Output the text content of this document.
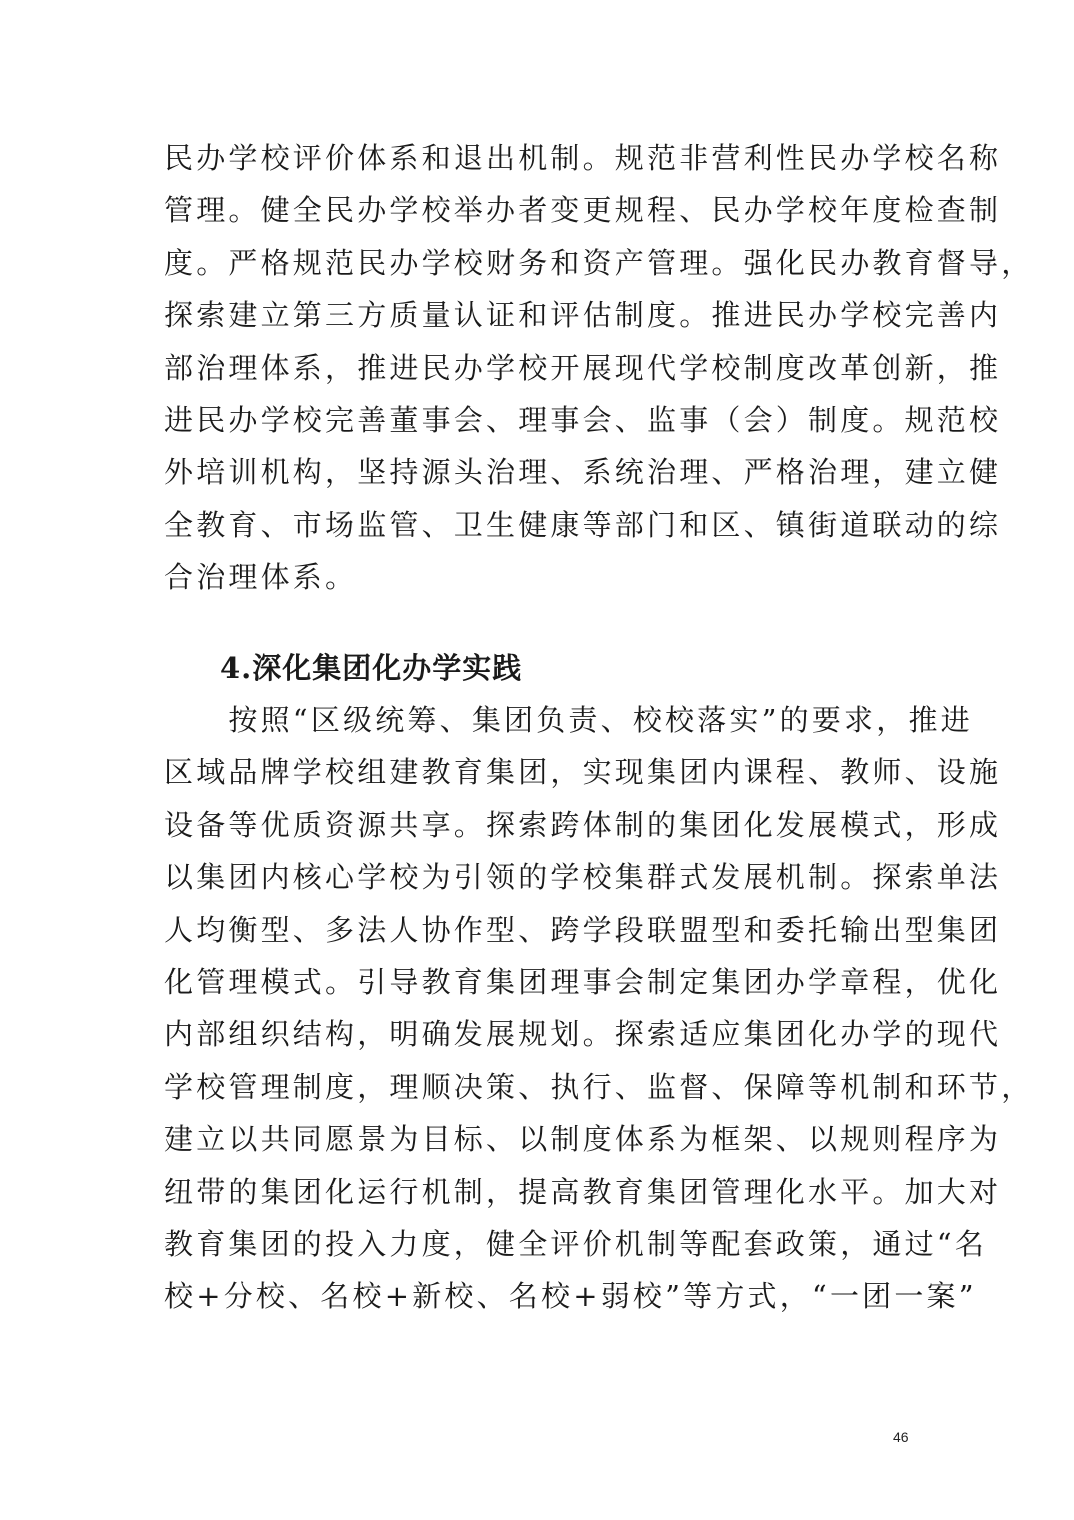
民办学校评价体系和退出机制。规范非营利性民办学校名称
管理。健全民办学校举办者变更规程、民办学校年度检查制
度。严格规范民办学校财务和资产管理。强化民办教育督导，
探索建立第三方质量认证和评估制度。推进民办学校完善内
部治理体系，推进民办学校开展现代学校制度改革创新，推
进民办学校完善董事会、理事会、监事（会）制度。规范校
外培训机构，坚持源头治理、系统治理、严格治理，建立健
全教育、市场监管、卫生健康等部门和区、镇街道联动的综
合治理体系。
4.深化集团化办学实践
　　按照“区级统筹、集团负责、校校落实”的要求，推进
区域品牌学校组建教育集团，实现集团内课程、教师、设施
设备等优质资源共享。探索跨体制的集团化发展模式，形成
以集团内核心学校为引领的学校集群式发展机制。探索单法
人均衡型、多法人协作型、跨学段联盟型和委托输出型集团
化管理模式。引导教育集团理事会制定集团办学章程，优化
内部组织结构，明确发展规划。探索适应集团化办学的现代
学校管理制度，理顺决策、执行、监督、保障等机制和环节，
建立以共同愿景为目标、以制度体系为框架、以规则程序为
纽带的集团化运行机制，提高教育集团管理化水平。加大对
教育集团的投入力度，健全评价机制等配套政策，通过“名
校+分校、名校+新校、名校+弱校”等方式，“一团一案”
46
